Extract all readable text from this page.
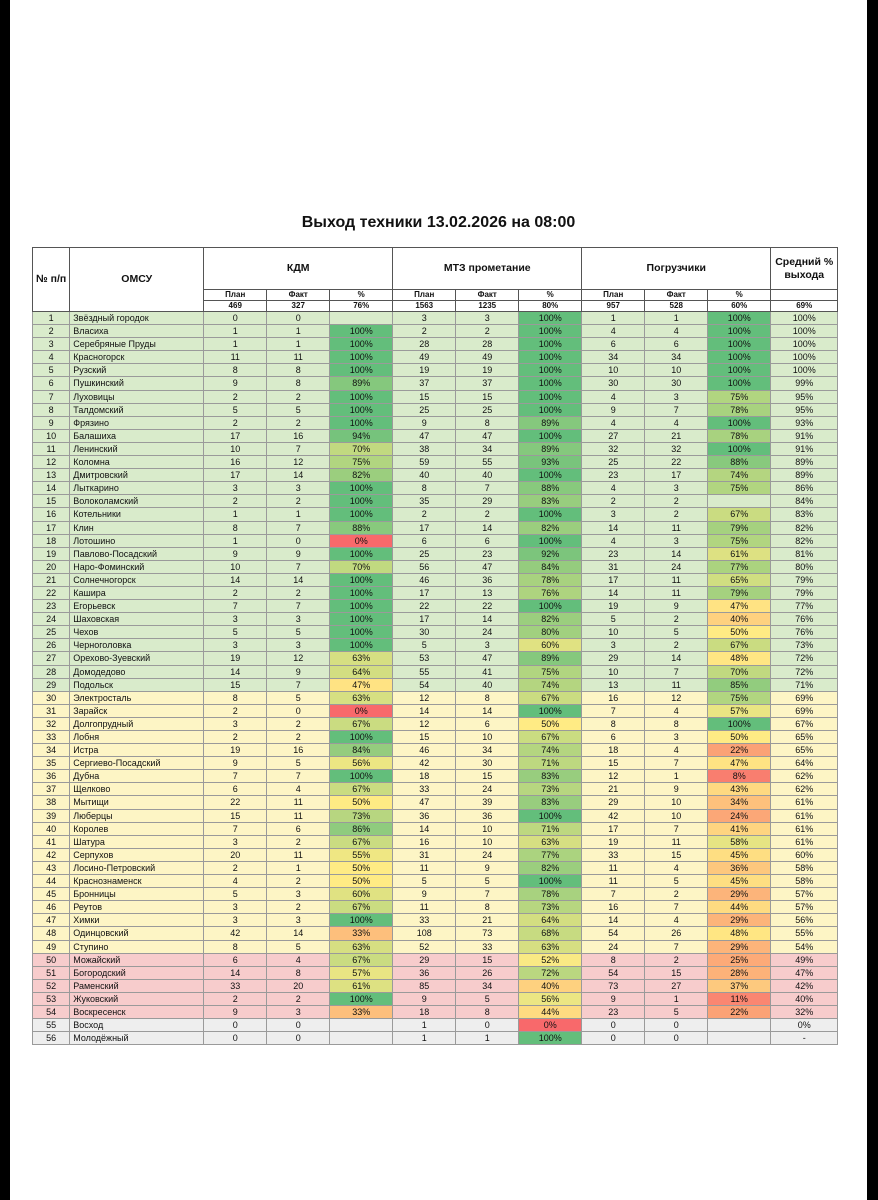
Выход техники 13.02.2026 на 08:00
№ п/п	ОМСУ	КДМ			МТЗ прометание			Погрузчики			Средний % выхода
		План	Факт	%	План	Факт	%	План	Факт	%	
		469	327	76%	1563	1235	80%	957	528	60%	69%
1	Звёздный городок	0	0		3	3	100%	1	1	100%	100%
2	Власиха	1	1	100%	2	2	100%	4	4	100%	100%
3	Серебряные Пруды	1	1	100%	28	28	100%	6	6	100%	100%
4	Красногорск	11	11	100%	49	49	100%	34	34	100%	100%
5	Рузский	8	8	100%	19	19	100%	10	10	100%	100%
6	Пушкинский	9	8	89%	37	37	100%	30	30	100%	99%
7	Луховицы	2	2	100%	15	15	100%	4	3	75%	95%
8	Талдомский	5	5	100%	25	25	100%	9	7	78%	95%
9	Фрязино	2	2	100%	9	8	89%	4	4	100%	93%
10	Балашиха	17	16	94%	47	47	100%	27	21	78%	91%
11	Ленинский	10	7	70%	38	34	89%	32	32	100%	91%
12	Коломна	16	12	75%	59	55	93%	25	22	88%	89%
13	Дмитровский	17	14	82%	40	40	100%	23	17	74%	89%
14	Лыткарино	3	3	100%	8	7	88%	4	3	75%	86%
15	Волоколамский	2	2	100%	35	29	83%	2	2		84%
16	Котельники	1	1	100%	2	2	100%	3	2	67%	83%
17	Клин	8	7	88%	17	14	82%	14	11	79%	82%
18	Лотошино	1	0	0%	6	6	100%	4	3	75%	82%
19	Павлово-Посадский	9	9	100%	25	23	92%	23	14	61%	81%
20	Наро-Фоминский	10	7	70%	56	47	84%	31	24	77%	80%
21	Солнечногорск	14	14	100%	46	36	78%	17	11	65%	79%
22	Кашира	2	2	100%	17	13	76%	14	11	79%	79%
23	Егорьевск	7	7	100%	22	22	100%	19	9	47%	77%
24	Шаховская	3	3	100%	17	14	82%	5	2	40%	76%
25	Чехов	5	5	100%	30	24	80%	10	5	50%	76%
26	Черноголовка	3	3	100%	5	3	60%	3	2	67%	73%
27	Орехово-Зуевский	19	12	63%	53	47	89%	29	14	48%	72%
28	Домодедово	14	9	64%	55	41	75%	10	7	70%	72%
29	Подольск	15	7	47%	54	40	74%	13	11	85%	71%
30	Электросталь	8	5	63%	12	8	67%	16	12	75%	69%
31	Зарайск	2	0	0%	14	14	100%	7	4	57%	69%
32	Долгопрудный	3	2	67%	12	6	50%	8	8	100%	67%
33	Лобня	2	2	100%	15	10	67%	6	3	50%	65%
34	Истра	19	16	84%	46	34	74%	18	4	22%	65%
35	Сергиево-Посадский	9	5	56%	42	30	71%	15	7	47%	64%
36	Дубна	7	7	100%	18	15	83%	12	1	8%	62%
37	Щелково	6	4	67%	33	24	73%	21	9	43%	62%
38	Мытищи	22	11	50%	47	39	83%	29	10	34%	61%
39	Люберцы	15	11	73%	36	36	100%	42	10	24%	61%
40	Королев	7	6	86%	14	10	71%	17	7	41%	61%
41	Шатура	3	2	67%	16	10	63%	19	11	58%	61%
42	Серпухов	20	11	55%	31	24	77%	33	15	45%	60%
43	Лосино-Петровский	2	1	50%	11	9	82%	11	4	36%	58%
44	Краснознаменск	4	2	50%	5	5	100%	11	5	45%	58%
45	Бронницы	5	3	60%	9	7	78%	7	2	29%	57%
46	Реутов	3	2	67%	11	8	73%	16	7	44%	57%
47	Химки	3	3	100%	33	21	64%	14	4	29%	56%
48	Одинцовский	42	14	33%	108	73	68%	54	26	48%	55%
49	Ступино	8	5	63%	52	33	63%	24	7	29%	54%
50	Можайский	6	4	67%	29	15	52%	8	2	25%	49%
51	Богородский	14	8	57%	36	26	72%	54	15	28%	47%
52	Раменский	33	20	61%	85	34	40%	73	27	37%	42%
53	Жуковский	2	2	100%	9	5	56%	9	1	11%	40%
54	Воскресенск	9	3	33%	18	8	44%	23	5	22%	32%
55	Восход	0	0		1	0	0%	0	0		0%
56	Молодёжный	0	0		1	1	100%	0	0		-
